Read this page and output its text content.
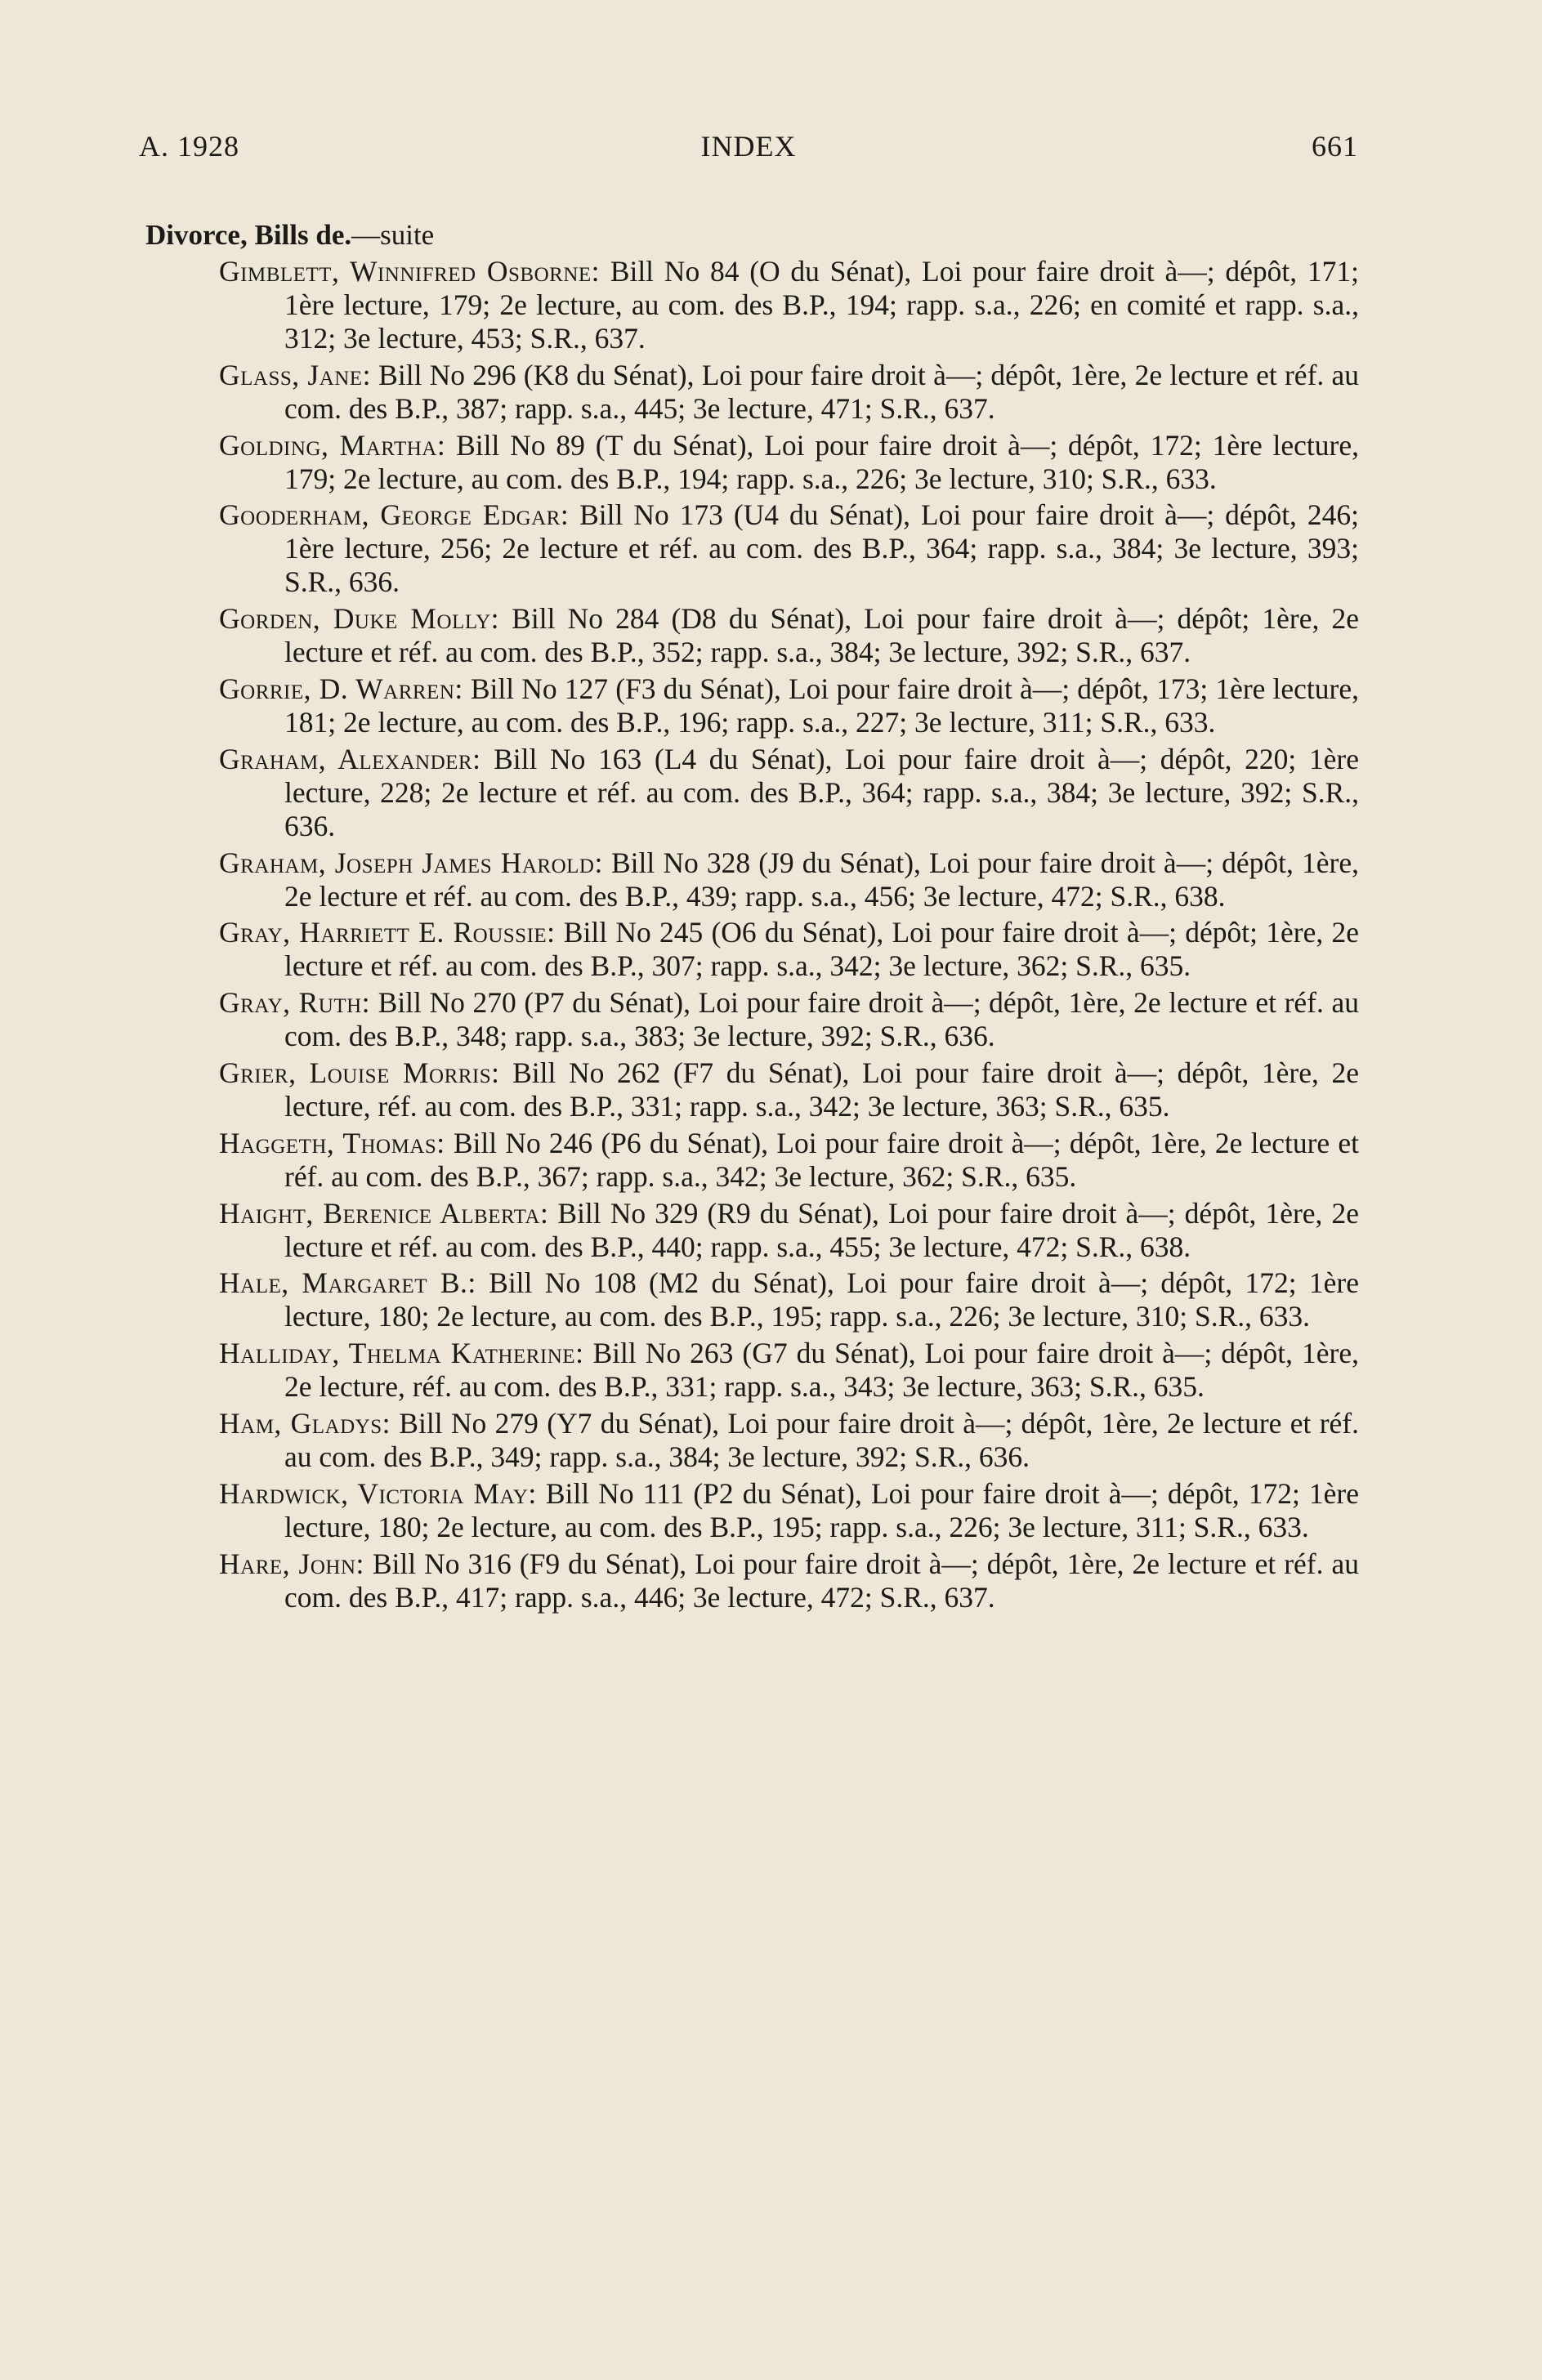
A. 1928	INDEX	661
Divorce, Bills de.—suite

Gimblett, Winnifred Osborne: Bill No 84 (O du Sénat), Loi pour faire droit à—; dépôt, 171; 1ère lecture, 179; 2e lecture, au com. des B.P., 194; rapp. s.a., 226; en comité et rapp. s.a., 312; 3e lecture, 453; S.R., 637.

Glass, Jane: Bill No 296 (K8 du Sénat), Loi pour faire droit à—; dépôt, 1ère, 2e lecture et réf. au com. des B.P., 387; rapp. s.a., 445; 3e lecture, 471; S.R., 637.

Golding, Martha: Bill No 89 (T du Sénat), Loi pour faire droit à—; dépôt, 172; 1ère lecture, 179; 2e lecture, au com. des B.P., 194; rapp. s.a., 226; 3e lecture, 310; S.R., 633.

Gooderham, George Edgar: Bill No 173 (U4 du Sénat), Loi pour faire droit à—; dépôt, 246; 1ère lecture, 256; 2e lecture et réf. au com. des B.P., 364; rapp. s.a., 384; 3e lecture, 393; S.R., 636.

Gorden, Duke Molly: Bill No 284 (D8 du Sénat), Loi pour faire droit à—; dépôt; 1ère, 2e lecture et réf. au com. des B.P., 352; rapp. s.a., 384; 3e lecture, 392; S.R., 637.

Gorrie, D. Warren: Bill No 127 (F3 du Sénat), Loi pour faire droit à—; dépôt, 173; 1ère lecture, 181; 2e lecture, au com. des B.P., 196; rapp. s.a., 227; 3e lecture, 311; S.R., 633.

Graham, Alexander: Bill No 163 (L4 du Sénat), Loi pour faire droit à—; dépôt, 220; 1ère lecture, 228; 2e lecture et réf. au com. des B.P., 364; rapp. s.a., 384; 3e lecture, 392; S.R., 636.

Graham, Joseph James Harold: Bill No 328 (J9 du Sénat), Loi pour faire droit à—; dépôt, 1ère, 2e lecture et réf. au com. des B.P., 439; rapp. s.a., 456; 3e lecture, 472; S.R., 638.

Gray, Harriett E. Roussie: Bill No 245 (O6 du Sénat), Loi pour faire droit à—; dépôt; 1ère, 2e lecture et réf. au com. des B.P., 307; rapp. s.a., 342; 3e lecture, 362; S.R., 635.

Gray, Ruth: Bill No 270 (P7 du Sénat), Loi pour faire droit à—; dépôt, 1ère, 2e lecture et réf. au com. des B.P., 348; rapp. s.a., 383; 3e lecture, 392; S.R., 636.

Grier, Louise Morris: Bill No 262 (F7 du Sénat), Loi pour faire droit à—; dépôt, 1ère, 2e lecture, réf. au com. des B.P., 331; rapp. s.a., 342; 3e lecture, 363; S.R., 635.

Haggeth, Thomas: Bill No 246 (P6 du Sénat), Loi pour faire droit à—; dépôt, 1ère, 2e lecture et réf. au com. des B.P., 367; rapp. s.a., 342; 3e lecture, 362; S.R., 635.

Haight, Berenice Alberta: Bill No 329 (R9 du Sénat), Loi pour faire droit à—; dépôt, 1ère, 2e lecture et réf. au com. des B.P., 440; rapp. s.a., 455; 3e lecture, 472; S.R., 638.

Hale, Margaret B.: Bill No 108 (M2 du Sénat), Loi pour faire droit à—; dépôt, 172; 1ère lecture, 180; 2e lecture, au com. des B.P., 195; rapp. s.a., 226; 3e lecture, 310; S.R., 633.

Halliday, Thelma Katherine: Bill No 263 (G7 du Sénat), Loi pour faire droit à—; dépôt, 1ère, 2e lecture, réf. au com. des B.P., 331; rapp. s.a., 343; 3e lecture, 363; S.R., 635.

Ham, Gladys: Bill No 279 (Y7 du Sénat), Loi pour faire droit à—; dépôt, 1ère, 2e lecture et réf. au com. des B.P., 349; rapp. s.a., 384; 3e lecture, 392; S.R., 636.

Hardwick, Victoria May: Bill No 111 (P2 du Sénat), Loi pour faire droit à—; dépôt, 172; 1ère lecture, 180; 2e lecture, au com. des B.P., 195; rapp. s.a., 226; 3e lecture, 311; S.R., 633.

Hare, John: Bill No 316 (F9 du Sénat), Loi pour faire droit à—; dépôt, 1ère, 2e lecture et réf. au com. des B.P., 417; rapp. s.a., 446; 3e lecture, 472; S.R., 637.
